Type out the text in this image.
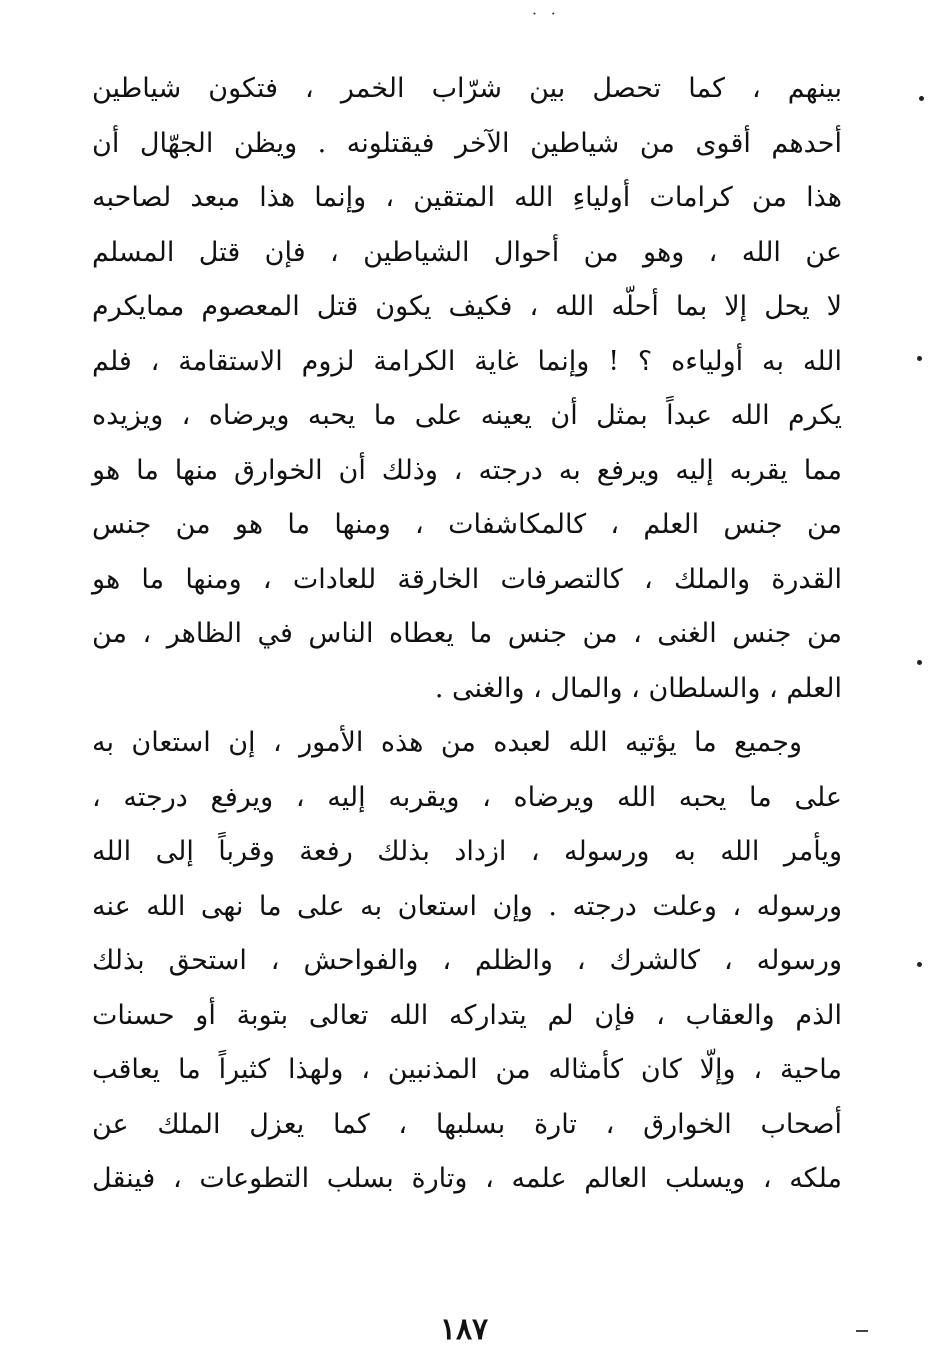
˙ ˙
بينهم ، كما تحصل بين شرّاب الخمر ، فتكون شياطين
أحدهم أقوى من شياطين الآخر فيقتلونه . ويظن الجهّال أن
هذا من كرامات أولياءِ الله المتقين ، وإنما هذا مبعد لصاحبه
عن الله ، وهو من أحوال الشياطين ، فإن قتل المسلم
لا يحل إلا بما أحلّه الله ، فكيف يكون قتل المعصوم ممايكرم
الله به أولياءه ؟ ! وإنما غاية الكرامة لزوم الاستقامة ، فلم
يكرم الله عبداً بمثل أن يعينه على ما يحبه ويرضاه ، ويزيده
مما يقربه إليه ويرفع به درجته ، وذلك أن الخوارق منها ما هو
من جنس العلم ، كالمكاشفات ، ومنها ما هو من جنس
القدرة والملك ، كالتصرفات الخارقة للعادات ، ومنها ما هو
من جنس الغنى ، من جنس ما يعطاه الناس في الظاهر ، من
العلم ، والسلطان ، والمال ، والغنى .
وجميع ما يؤتيه الله لعبده من هذه الأمور ، إن استعان به
على ما يحبه الله ويرضاه ، ويقربه إليه ، ويرفع درجته ،
ويأمر الله به ورسوله ، ازداد بذلك رفعة وقرباً إلى الله
ورسوله ، وعلت درجته . وإن استعان به على ما نهى الله عنه
ورسوله ، كالشرك ، والظلم ، والفواحش ، استحق بذلك
الذم والعقاب ، فإن لم يتداركه الله تعالى بتوبة أو حسنات
ماحية ، وإلّا كان كأمثاله من المذنبين ، ولهذا كثيراً ما يعاقب
أصحاب الخوارق ، تارة بسلبها ، كما يعزل الملك عن
ملكه ، ويسلب العالم علمه ، وتارة بسلب التطوعات ، فينقل
١٨٧
